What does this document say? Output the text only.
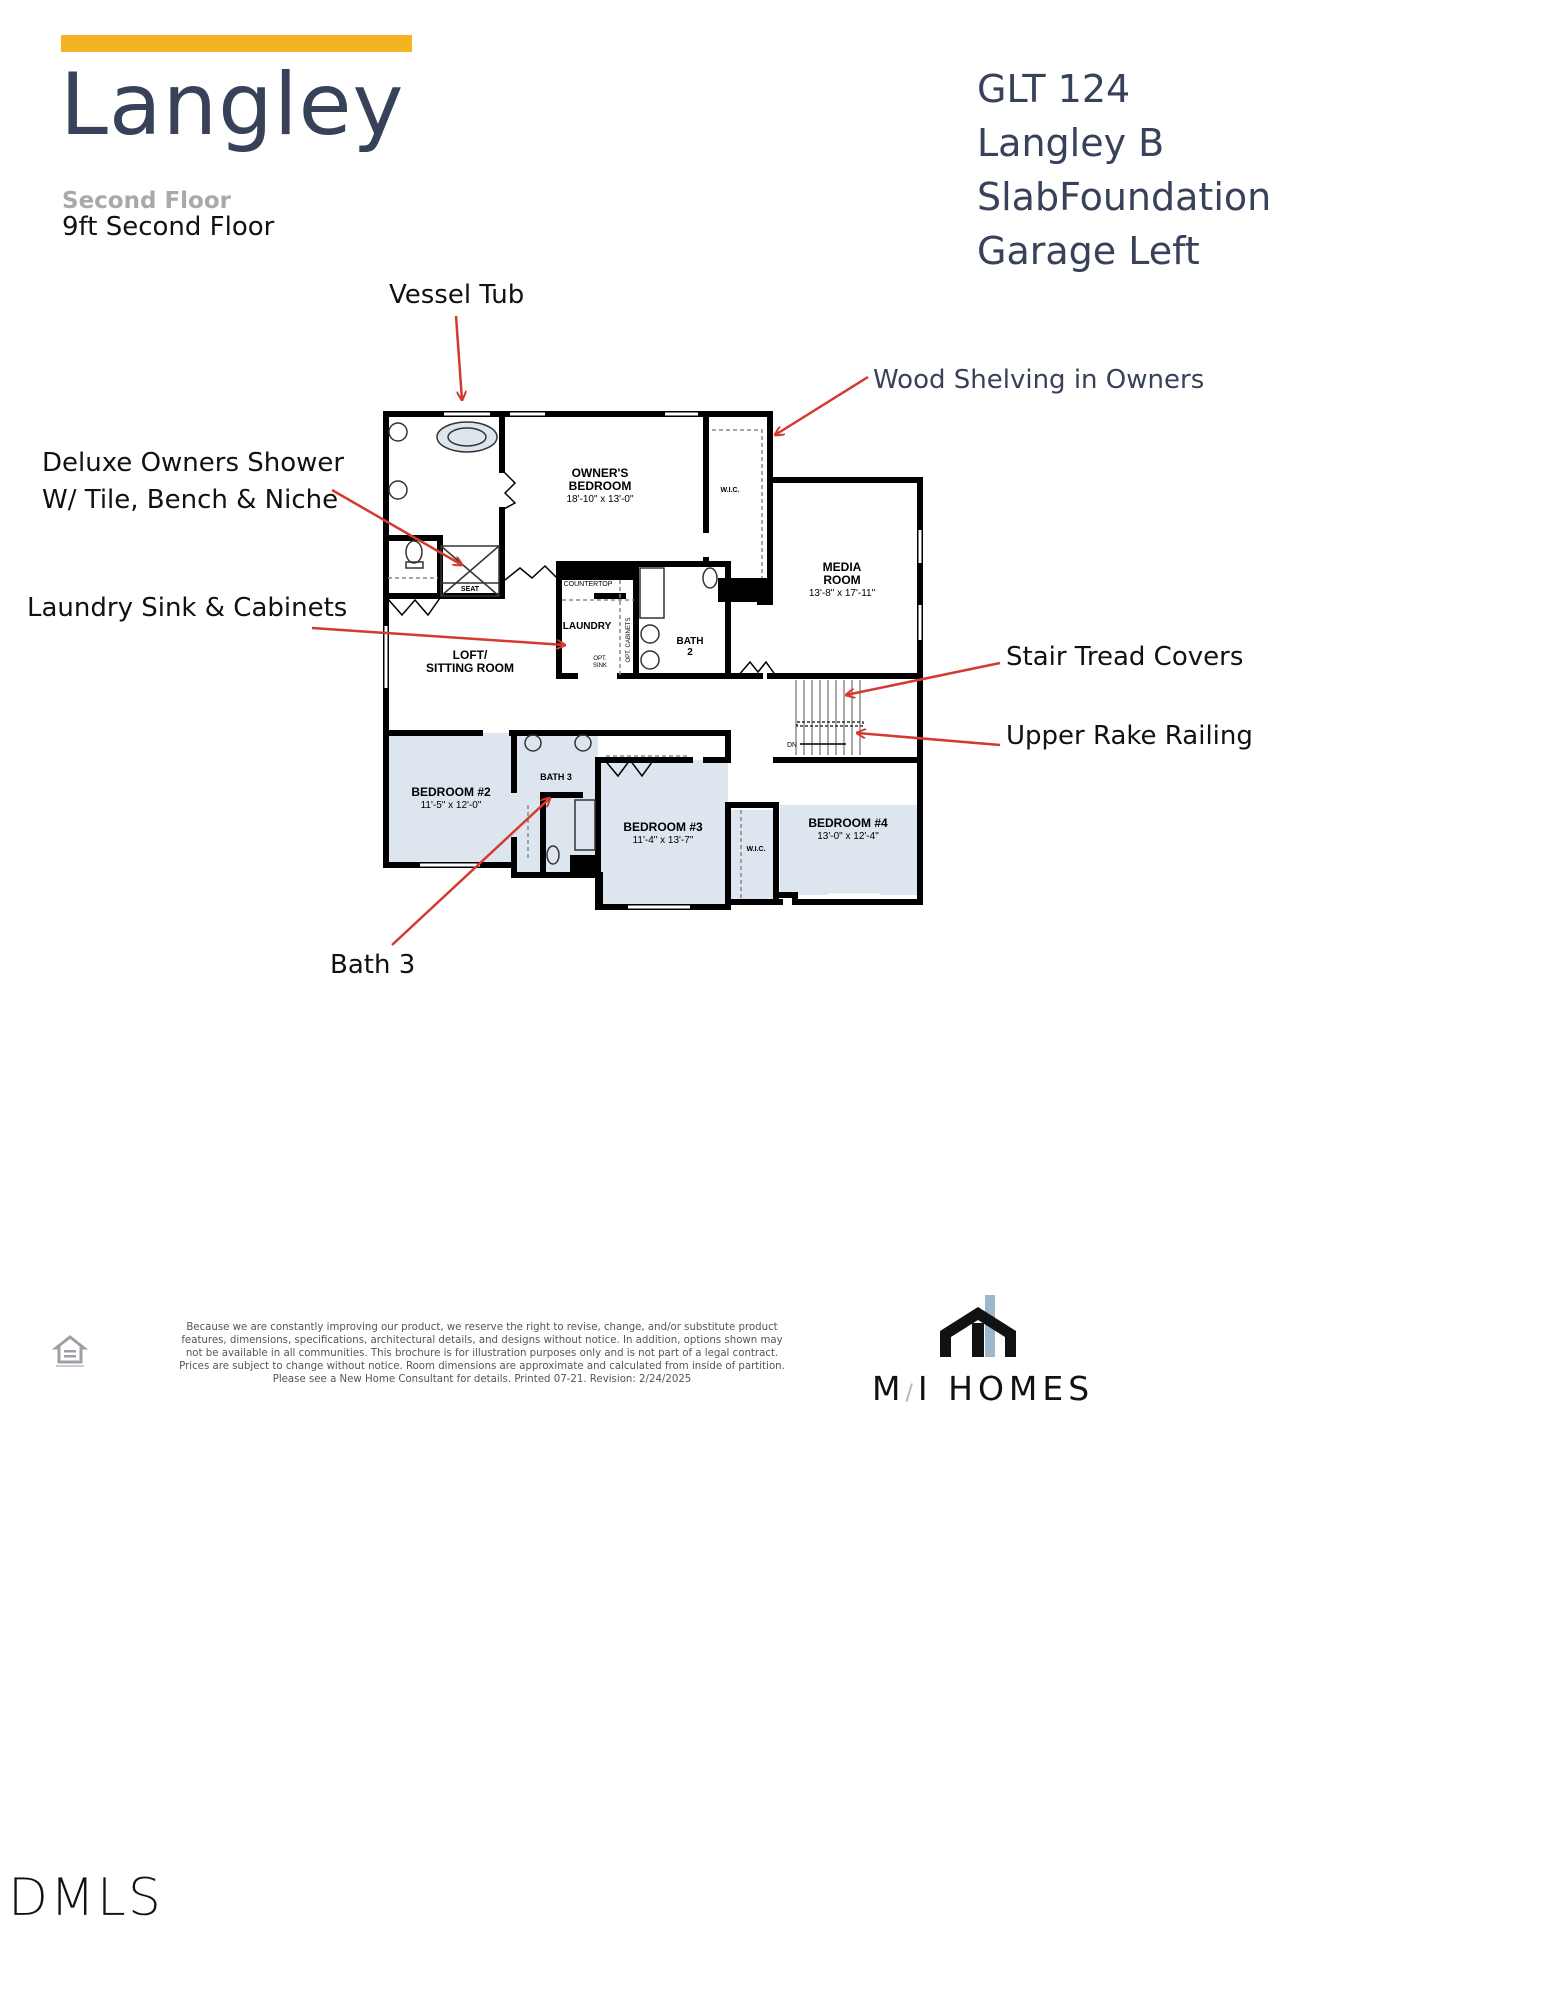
Langley
Second Floor
9ft Second Floor
GLT 124
Langley B
SlabFoundation
Garage Left
OWNER'S
BEDROOM
18'-10" x 13'-0"
W.I.C.
SEAT
COUNTERTOP
LAUNDRY
OPT.
SINK
OPT. CABINETS	BATH
2
MEDIA
ROOM
13'-8" x 17'-11"
LOFT/
SITTING ROOM
DN
BEDROOM #2
11'-5" x 12'-0"
BATH 3
BEDROOM #3
11'-4" x 13'-7"
W.I.C.
BEDROOM #4
13'-0" x 12'-4"
Vessel Tub
Wood Shelving in Owners
Deluxe Owners Shower
W/ Tile, Bench & Niche
Laundry Sink & Cabinets
Stair Tread Covers
Upper Rake Railing
Bath 3
Because we are constantly improving our product, we reserve the right to revise, change, and/or substitute product features, dimensions, specifications, architectural details, and designs without notice. In addition, options shown may not be available in all communities. This brochure is for illustration purposes only and is not part of a legal contract. Prices are subject to change without notice. Room dimensions are approximate and calculated from inside of partition. Please see a New Home Consultant for details. Printed 07-21. Revision: 2/24/2025	M/I HOMES
DMLS
